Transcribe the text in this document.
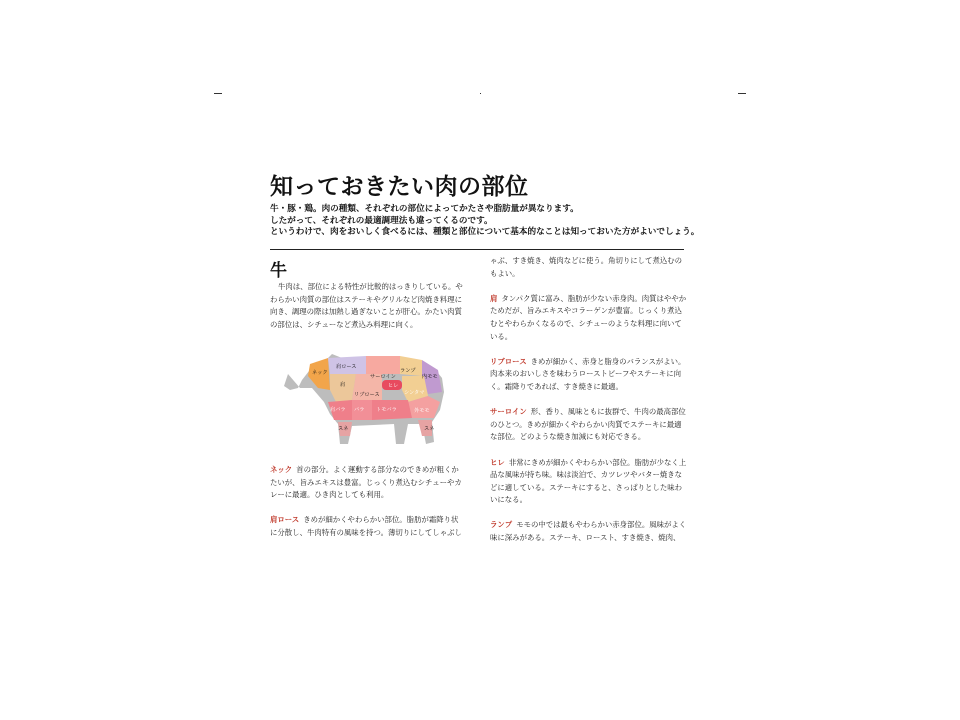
知っておきたい肉の部位
牛・豚・鶏。肉の種類、それぞれの部位によってかたさや脂肪量が異なります。
したがって、それぞれの最適調理法も違ってくるのです。
というわけで、肉をおいしく食べるには、種類と部位について基本的なことは知っておいた方がよいでしょう。
牛

牛肉は、部位による特性が比較的はっきりしている。やわらかい肉質の部位はステーキやグリルなど肉焼き料理に向き、調理の際は加熱し過ぎないことが肝心。かたい肉質の部位は、シチューなど煮込み料理に向く。

ネック
肩ロース
肩
サーロイン
ランプ
内モモ
ヒレ
リブロース	シンタマ
外モモ
肩バラ バラ トモバラ
スネ	スネ

ネック 首の部分。よく運動する部分なのできめが粗くかたいが、旨みエキスは豊富。じっくり煮込むシチューやカレーに最適。ひき肉としても利用。

肩ロース きめが細かくやわらかい部位。脂肪が霜降り状に分散し、牛肉特有の風味を持つ。薄切りにしてしゃぶし

ゃぶ、すき焼き、焼肉などに使う。角切りにして煮込むのもよい。

肩 タンパク質に富み、脂肪が少ない赤身肉。肉質はややかためだが、旨みエキスやコラーゲンが豊富。じっくり煮込むとやわらかくなるので、シチューのような料理に向いている。

リブロース きめが細かく、赤身と脂身のバランスがよい。肉本来のおいしさを味わうローストビーフやステーキに向く。霜降りであれば、すき焼きに最適。

サーロイン 形、香り、風味ともに抜群で、牛肉の最高部位のひとつ。きめが細かくやわらかい肉質でステーキに最適な部位。どのような焼き加減にも対応できる。

ヒレ 非常にきめが細かくやわらかい部位。脂肪が少なく上品な風味が持ち味。味は淡泊で、カツレツやバター焼きなどに適している。ステーキにすると、さっぱりとした味わいになる。

ランプ モモの中では最もやわらかい赤身部位。風味がよく味に深みがある。ステーキ、ロースト、すき焼き、焼肉、
